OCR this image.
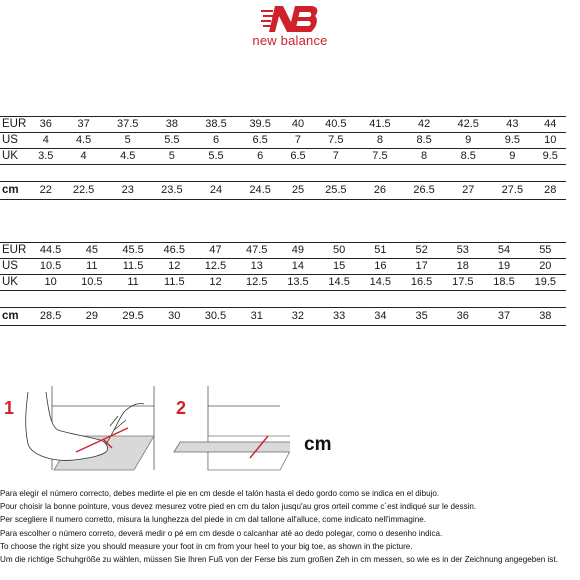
new balance
EUR	36	37	37.5	38	38.5	39.5	40	40.5	41.5	42	42.5	43	44
US	4	4.5	5	5.5	6	6.5	7	7.5	8	8.5	9	9.5	10
UK	3.5	4	4.5	5	5.5	6	6.5	7	7.5	8	8.5	9	9.5

cm	22	22.5	23	23.5	24	24.5	25	25.5	26	26.5	27	27.5	28
EUR	44.5	45	45.5	46.5	47	47.5	49	50	51	52	53	54	55
US	10.5	11	11.5	12	12.5	13	14	15	16	17	18	19	20
UK	10	10.5	11	11.5	12	12.5	13.5	14.5	14.5	16.5	17.5	18.5	19.5

cm	28.5	29	29.5	30	30.5	31	32	33	34	35	36	37	38
1	2
cm
Para elegir el número correcto, debes medirte el pie en cm desde el talón hasta el dedo gordo como se indica en el dibujo.
Pour choisir la bonne pointure, vous devez mesurez votre pied en cm du talon jusqu'au gros orteil comme c´est indiqué sur le dessin.
Per scegliere il numero corretto, misura la lunghezza del piede in cm dal tallone all'alluce, come indicato nell'immagine.
Para escolher o número correto, deverá medir o pé em cm desde o calcanhar até ao dedo polegar, como o desenho indica.
To choose the right size you should measure your foot in cm from your heel to your big toe, as shown in the picture.
Um die richtige Schuhgröße zu wählen, müssen Sie Ihren Fuß von der Ferse bis zum großen Zeh in cm messen, so wie es in der Zeichnung angegeben ist.
